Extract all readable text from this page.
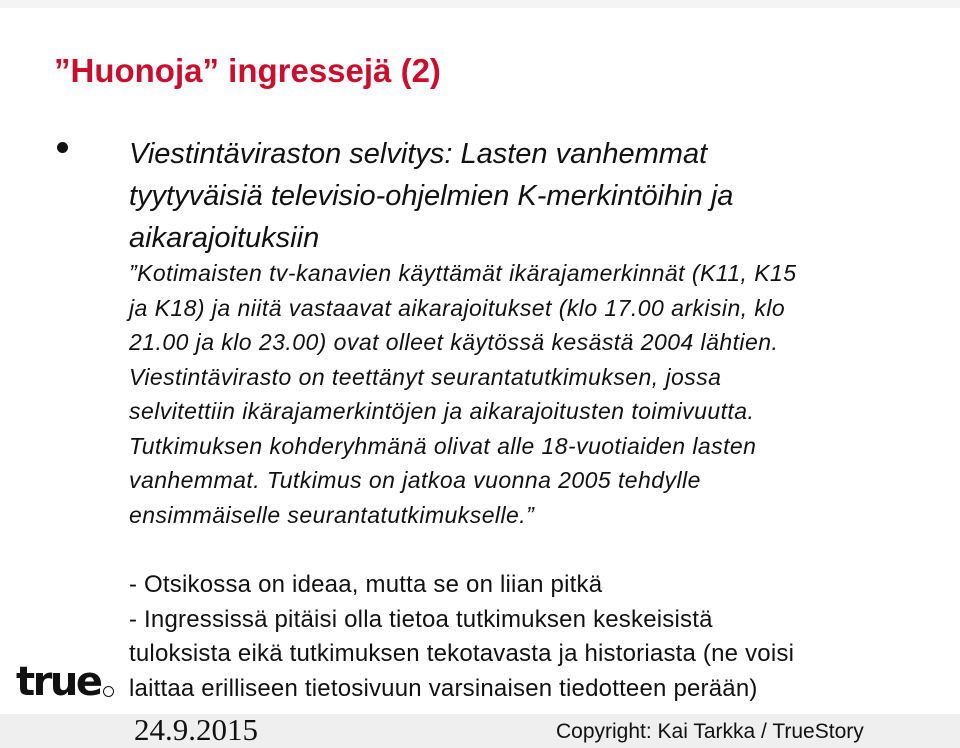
”Huonoja” ingressejä (2)
Viestintäviraston selvitys: Lasten vanhemmat
tyytyväisiä televisio-ohjelmien K-merkintöihin ja
aikarajoituksiin
”Kotimaisten tv-kanavien käyttämät ikärajamerkinnät (K11, K15
ja K18) ja niitä vastaavat aikarajoitukset (klo 17.00 arkisin, klo
21.00 ja klo 23.00) ovat olleet käytössä kesästä 2004 lähtien.
Viestintävirasto on teettänyt seurantatutkimuksen, jossa
selvitettiin ikärajamerkintöjen ja aikarajoitusten toimivuutta.
Tutkimuksen kohderyhmänä olivat alle 18-vuotiaiden lasten
vanhemmat. Tutkimus on jatkoa vuonna 2005 tehdylle
ensimmäiselle seurantatutkimukselle.”
- Otsikossa on ideaa, mutta se on liian pitkä
- Ingressissä pitäisi olla tietoa tutkimuksen keskeisistä
tuloksista eikä tutkimuksen tekotavasta ja historiasta (ne voisi
laittaa erilliseen tietosivuun varsinaisen tiedotteen perään)
true
24.9.2015	Copyright: Kai Tarkka / TrueStory
